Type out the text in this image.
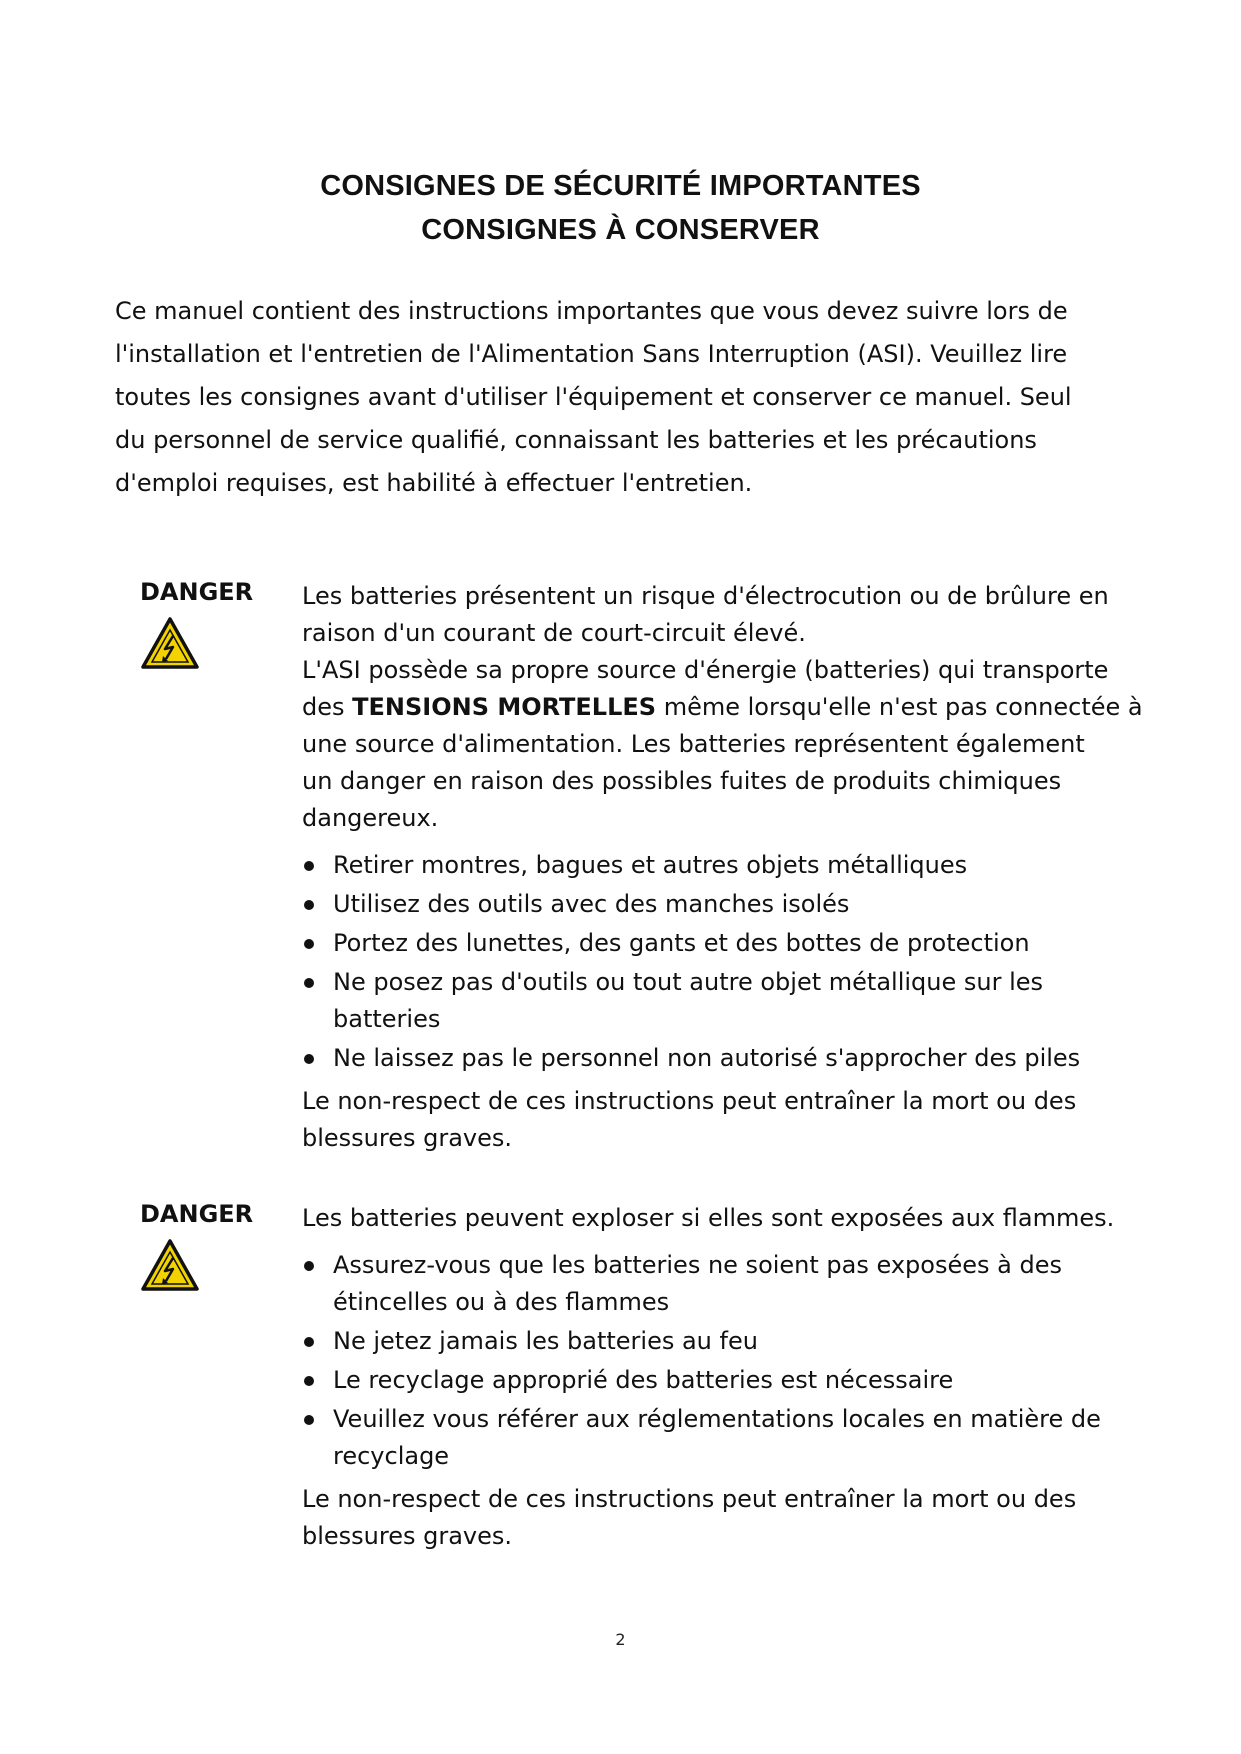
CONSIGNES DE SÉCURITÉ IMPORTANTES
CONSIGNES À CONSERVER
Ce manuel contient des instructions importantes que vous devez suivre lors de
l'installation et l'entretien de l'Alimentation Sans Interruption (ASI). Veuillez lire
toutes les consignes avant d'utiliser l'équipement et conserver ce manuel. Seul
du personnel de service qualifié, connaissant les batteries et les précautions
d'emploi requises, est habilité à effectuer l'entretien.
DANGER Les batteries présentent un risque d'électrocution ou de brûlure en
raison d'un courant de court-circuit élevé.

L'ASI possède sa propre source d'énergie (batteries) qui transporte
des TENSIONS MORTELLES même lorsqu'elle n'est pas connectée à
une source d'alimentation. Les batteries représentent également
un danger en raison des possibles fuites de produits chimiques
dangereux.

Retirer montres, bagues et autres objets métalliques
Utilisez des outils avec des manches isolés
Portez des lunettes, des gants et des bottes de protection
Ne posez pas d'outils ou tout autre objet métallique sur les
batteries
Ne laissez pas le personnel non autorisé s'approcher des piles

Le non-respect de ces instructions peut entraîner la mort ou des
blessures graves.

DANGER Les batteries peuvent exploser si elles sont exposées aux flammes.

Assurez-vous que les batteries ne soient pas exposées à des
étincelles ou à des flammes
Ne jetez jamais les batteries au feu
Le recyclage approprié des batteries est nécessaire
Veuillez vous référer aux réglementations locales en matière de
recyclage

Le non-respect de ces instructions peut entraîner la mort ou des
blessures graves.

2
